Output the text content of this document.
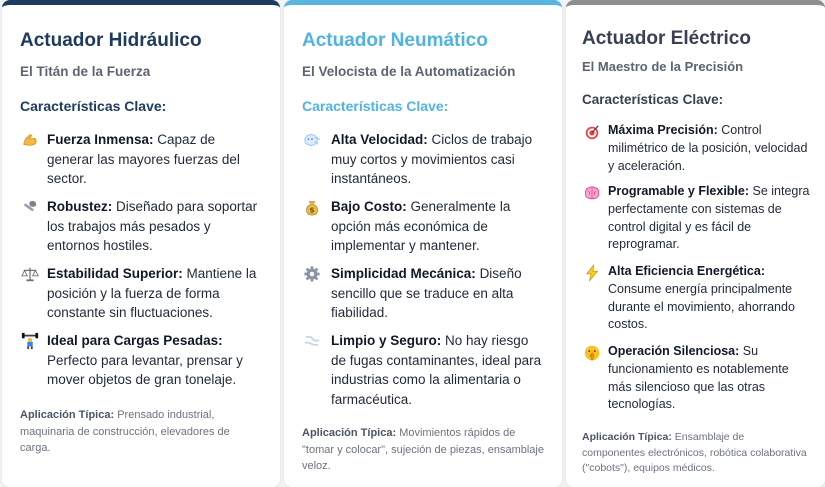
Actuador Hidráulico
El Titán de la Fuerza
Características Clave:
Fuerza Inmensa: Capaz de generar las mayores fuerzas del sector.
Robustez: Diseñado para soportar los trabajos más pesados y entornos hostiles.
Estabilidad Superior: Mantiene la posición y la fuerza de forma constante sin fluctuaciones.
Ideal para Cargas Pesadas: Perfecto para levantar, prensar y mover objetos de gran tonelaje.
Aplicación Típica: Prensado industrial, maquinaria de construcción, elevadores de carga.
Actuador Neumático
El Velocista de la Automatización
Características Clave:
Alta Velocidad: Ciclos de trabajo muy cortos y movimientos casi instantáneos.
$	Bajo Costo: Generalmente la opción más económica de implementar y mantener.
Simplicidad Mecánica: Diseño sencillo que se traduce en alta fiabilidad.
Limpio y Seguro: No hay riesgo de fugas contaminantes, ideal para industrias como la alimentaria o farmacéutica.
Aplicación Típica: Movimientos rápidos de "tomar y colocar", sujeción de piezas, ensamblaje veloz.
Actuador Eléctrico
El Maestro de la Precisión
Características Clave:
Máxima Precisión: Control milimétrico de la posición, velocidad y aceleración.
Programable y Flexible: Se integra perfectamente con sistemas de control digital y es fácil de reprogramar.
Alta Eficiencia Energética: Consume energía principalmente durante el movimiento, ahorrando costos.
Operación Silenciosa: Su funcionamiento es notablemente más silencioso que las otras tecnologías.
Aplicación Típica: Ensamblaje de componentes electrónicos, robótica colaborativa ("cobots"), equipos médicos.
